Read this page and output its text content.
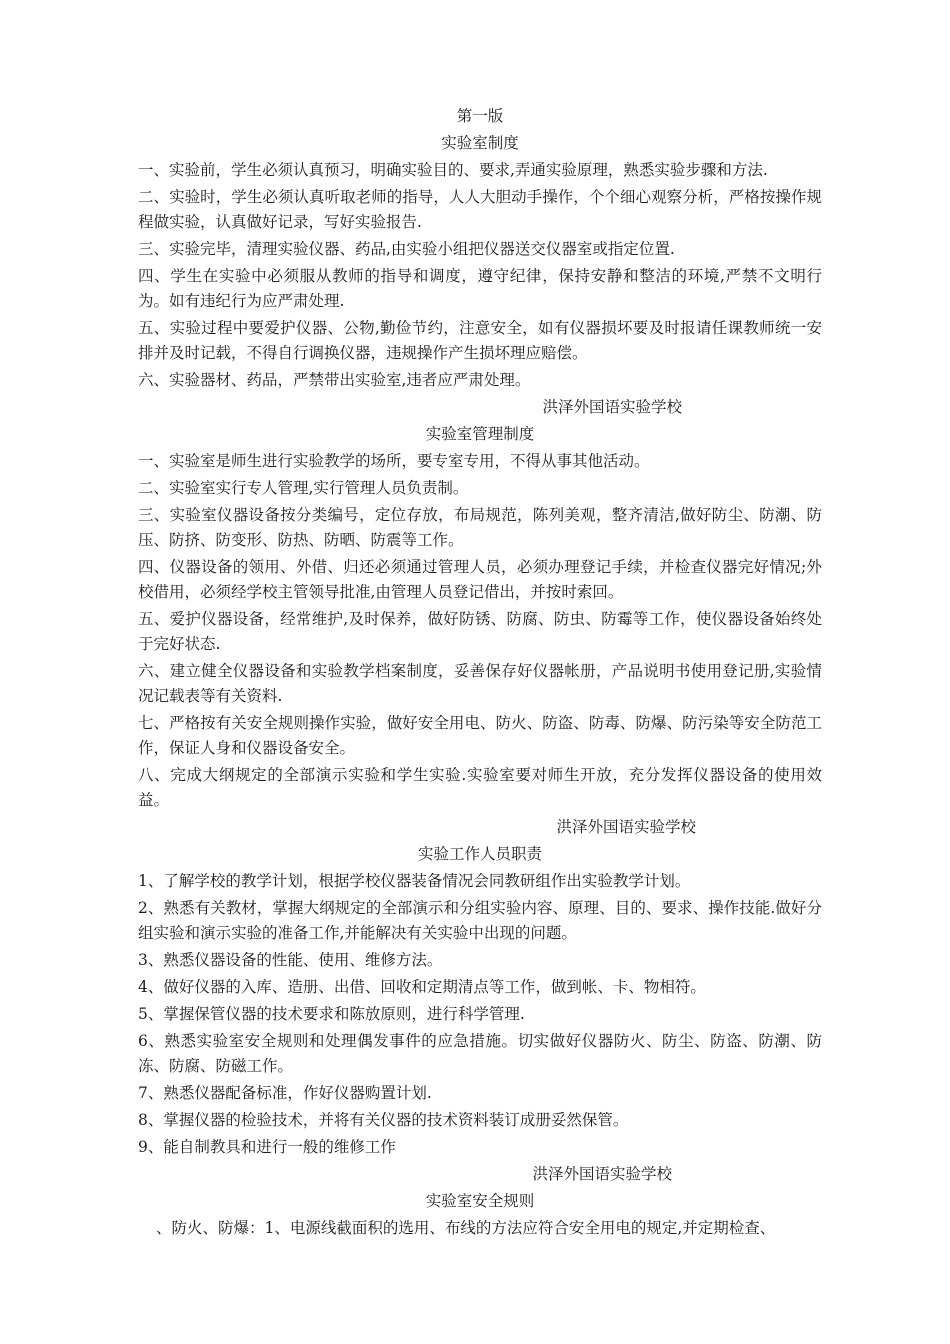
第一版
实验室制度

一、实验前，学生必须认真预习，明确实验目的、要求,弄通实验原理，熟悉实验步骤和方法.

二、实验时，学生必须认真听取老师的指导，人人大胆动手操作，个个细心观察分析，严格按操作规程做实验，认真做好记录，写好实验报告.

三、实验完毕，清理实验仪器、药品,由实验小组把仪器送交仪器室或指定位置.

四、学生在实验中必须服从教师的指导和调度，遵守纪律，保持安静和整洁的环境,严禁不文明行为。如有违纪行为应严肃处理.

五、实验过程中要爱护仪器、公物,勤俭节约，注意安全，如有仪器损坏要及时报请任课教师统一安排并及时记载，不得自行调换仪器，违规操作产生损坏理应赔偿。

六、实验器材、药品，严禁带出实验室,违者应严肃处理。

洪泽外国语实验学校
实验室管理制度

一、实验室是师生进行实验教学的场所，要专室专用，不得从事其他活动。

二、实验室实行专人管理,实行管理人员负责制。

三、实验室仪器设备按分类编号，定位存放，布局规范，陈列美观，整齐清洁,做好防尘、防潮、防压、防挤、防变形、防热、防晒、防震等工作。

四、仪器设备的领用、外借、归还必须通过管理人员，必须办理登记手续，并检查仪器完好情况;外校借用，必须经学校主管领导批准,由管理人员登记借出，并按时索回。

五、爱护仪器设备，经常维护,及时保养，做好防锈、防腐、防虫、防霉等工作，使仪器设备始终处于完好状态.

六、建立健全仪器设备和实验教学档案制度，妥善保存好仪器帐册，产品说明书使用登记册,实验情况记载表等有关资料.

七、严格按有关安全规则操作实验，做好安全用电、防火、防盗、防毒、防爆、防污染等安全防范工作，保证人身和仪器设备安全。

八、完成大纲规定的全部演示实验和学生实验.实验室要对师生开放，充分发挥仪器设备的使用效益。

洪泽外国语实验学校
实验工作人员职责

1、了解学校的教学计划，根据学校仪器装备情况会同教研组作出实验教学计划。

2、熟悉有关教材，掌握大纲规定的全部演示和分组实验内容、原理、目的、要求、操作技能.做好分组实验和演示实验的准备工作,并能解决有关实验中出现的问题。

3、熟悉仪器设备的性能、使用、维修方法。

4、做好仪器的入库、造册、出借、回收和定期清点等工作，做到帐、卡、物相符。

5、掌握保管仪器的技术要求和陈放原则，进行科学管理.

6、熟悉实验室安全规则和处理偶发事件的应急措施。切实做好仪器防火、防尘、防盗、防潮、防冻、防腐、防磁工作。

7、熟悉仪器配备标准，作好仪器购置计划.

8、掌握仪器的检验技术，并将有关仪器的技术资料装订成册妥然保管。

9、能自制教具和进行一般的维修工作

洪泽外国语实验学校
实验室安全规则

、防火、防爆：1、电源线截面积的选用、布线的方法应符合安全用电的规定,并定期检查、
